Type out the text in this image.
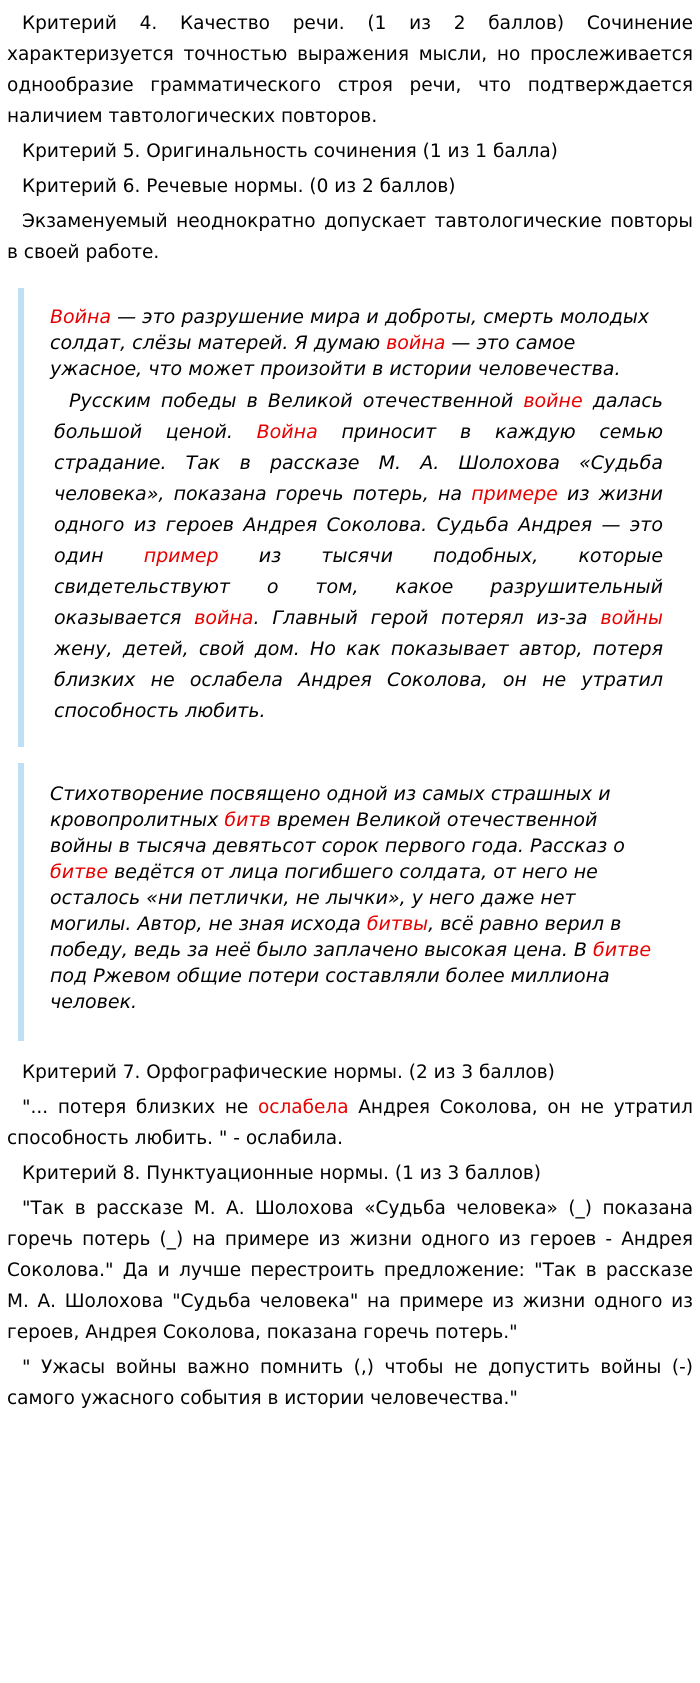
Критерий 4. Качество речи. (1 из 2 баллов) Сочинение характеризуется точностью выражения мысли, но прослеживается однообразие грамматического строя речи, что подтверждается наличием тавтологических повторов.

Критерий 5. Оригинальность сочинения (1 из 1 балла)

Критерий 6. Речевые нормы. (0 из 2 баллов)

Экзаменуемый неоднократно допускает тавтологические повторы в своей работе.

Война — это разрушение мира и доброты, смерть молодых солдат, слёзы матерей. Я думаю война — это самое ужасное, что может произойти в истории человечества.

Русским победы в Великой отечественной войне далась большой ценой. Война приносит в каждую семью страдание. Так в рассказе М. А. Шолохова «Судьба человека», показана горечь потерь, на примере из жизни одного из героев Андрея Соколова. Судьба Андрея — это один пример из тысячи подобных, которые свидетельствуют о том, какое разрушительный оказывается война. Главный герой потерял из-за войны жену, детей, свой дом. Но как показывает автор, потеря близких не ослабела Андрея Соколова, он не утратил способность любить.

Стихотворение посвящено одной из самых страшных и кровопролитных битв времен Великой отечественной войны в тысяча девятьсот сорок первого года. Рассказ о битве ведётся от лица погибшего солдата, от него не осталось «ни петлички, не лычки», у него даже нет могилы. Автор, не зная исхода битвы, всё равно верил в победу, ведь за неё было заплачено высокая цена. В битве под Ржевом общие потери составляли более миллиона человек.

Критерий 7. Орфографические нормы. (2 из 3 баллов)

"... потеря близких не ослабела Андрея Соколова, он не утратил способность любить. " - ослабила.

Критерий 8. Пунктуационные нормы. (1 из 3 баллов)

"Так в рассказе М. А. Шолохова «Судьба человека» (_) показана горечь потерь (_) на примере из жизни одного из героев - Андрея Соколова." Да и лучше перестроить предложение: "Так в рассказе М. А. Шолохова "Судьба человека" на примере из жизни одного из героев, Андрея Соколова, показана горечь потерь."

" Ужасы войны важно помнить (,) чтобы не допустить войны (-) самого ужасного события в истории человечества."
